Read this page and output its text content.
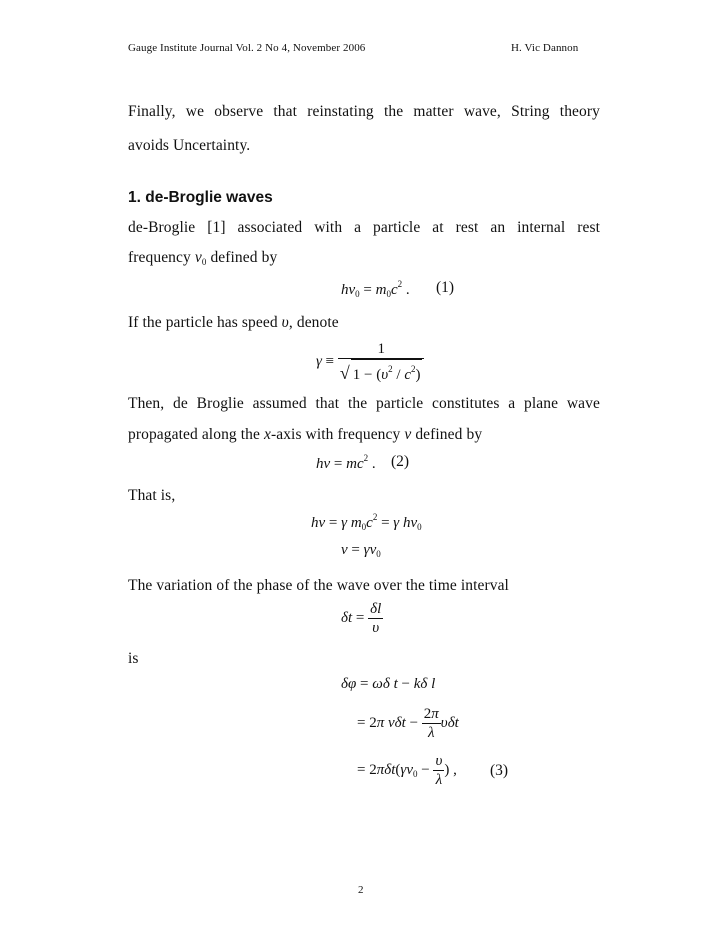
Gauge Institute Journal Vol. 2 No 4, November 2006	H. Vic Dannon
Finally, we observe that reinstating the matter wave, String theory
avoids Uncertainty.
1. de-Broglie waves
de-Broglie [1] associated with a particle at rest an internal rest
frequency $\nu_0$ defined by
$h\nu_0 = m_0c^2$ . (1)
If the particle has speed υ, denote
$\gamma \equiv \frac{1}{√ 1 - (\upsilon^2 / c^2)}$
Then, de Broglie assumed that the particle constitutes a plane wave
propagated along the x-axis with frequency ν defined by
$h\nu = mc^2$ . (2)
That is,
hν = γ $m_0c^2 = \gamma$ $h\nu_0$
$\nu = \gamma\nu_0$
The variation of the phase of the wave over the time interval
$\delta t = \frac{\delta l}{\upsilon}$
is
δφ = ωδ t − kδ l
= 2π $\nu\delta t - \frac{2\pi}{\lambda}$ υδt
= $2\pi\delta t(\gamma\nu_0 - \frac{\upsilon}{\lambda}$ ) , (3)
2
